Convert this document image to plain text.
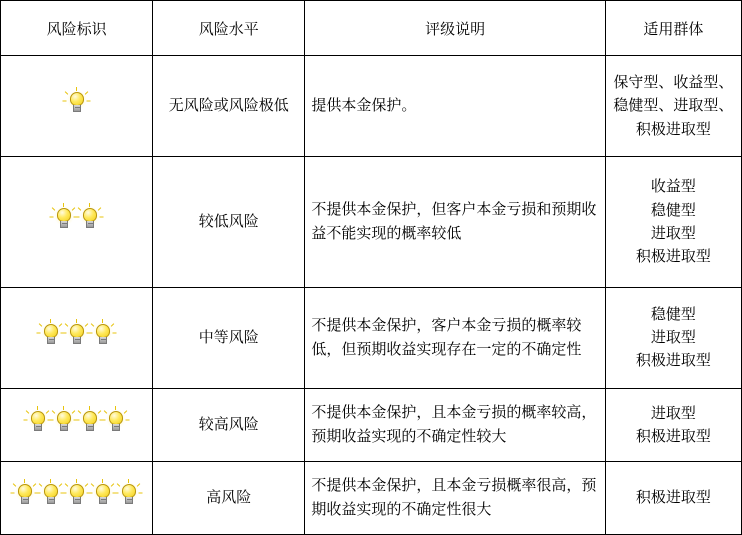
风险标识	风险水平	评级说明	适用群体

	无风险或风险极低	提供本金保护。	保守型、收益型、稳健型、进取型、积极进取型

	较低风险	不提供本金保护，但客户本金亏损和预期收益不能实现的概率较低	收益型
稳健型
进取型
积极进取型

	中等风险	不提供本金保护，客户本金亏损的概率较低，但预期收益实现存在一定的不确定性	稳健型
进取型
积极进取型

	较高风险	不提供本金保护，且本金亏损的概率较高，预期收益实现的不确定性较大	进取型
积极进取型

	高风险	不提供本金保护，且本金亏损概率很高，预期收益实现的不确定性很大	积极进取型
